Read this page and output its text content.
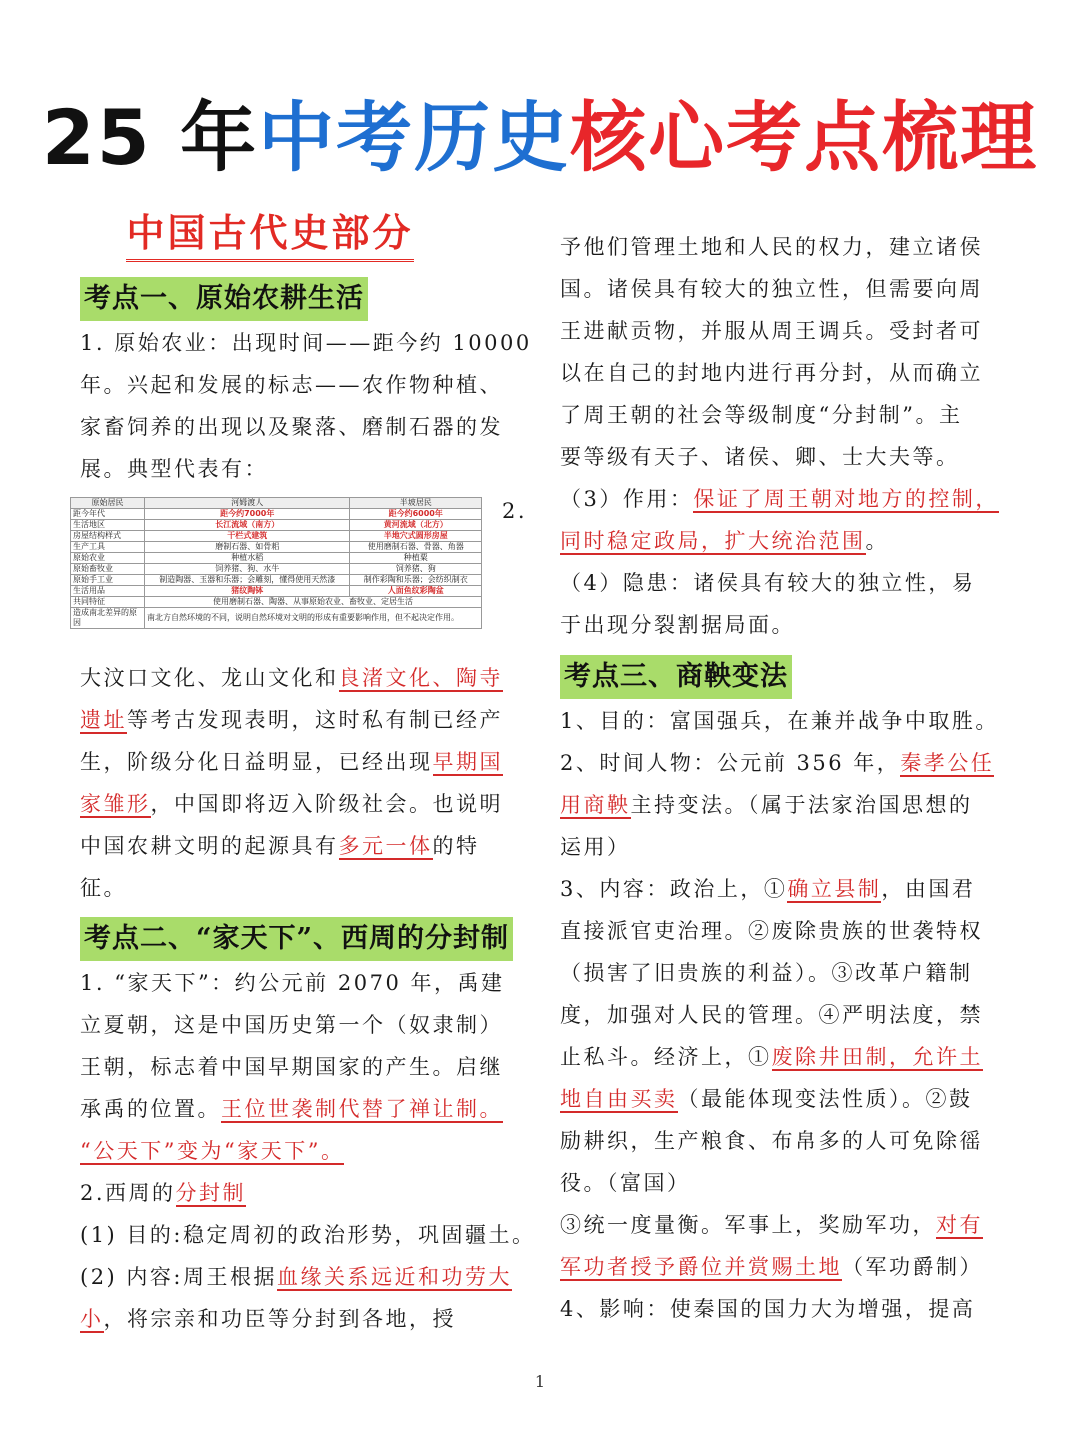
25 年中考历史核心考点梳理
中国古代史部分
考点一、原始农耕生活
1. 原始农业：出现时间——距今约 10000
年。兴起和发展的标志——农作物种植、
家畜饲养的出现以及聚落、磨制石器的发
展。典型代表有：
2.
大汶口文化、龙山文化和良渚文化、陶寺
遗址等考古发现表明，这时私有制已经产
生，阶级分化日益明显，已经出现早期国
家雏形，中国即将迈入阶级社会。也说明
中国农耕文明的起源具有多元一体的特
征。
考点二、“家天下”、西周的分封制
1. “家天下”：约公元前 2070 年，禹建
立夏朝，这是中国历史第一个（奴隶制）
王朝，标志着中国早期国家的产生。启继
承禹的位置。王位世袭制代替了禅让制。
“公天下”变为“家天下”。
2.西周的分封制
(1) 目的:稳定周初的政治形势，巩固疆土。
(2) 内容:周王根据血缘关系远近和功劳大
小，将宗亲和功臣等分封到各地，授
原始居民	河姆渡人	半坡居民
距今年代	距今约7000年	距今约6000年
生活地区	长江流域（南方）	黄河流域（北方）
房屋结构样式	干栏式建筑	半地穴式圆形房屋
生产工具	磨制石器、如骨耜	使用磨制石器、骨器、角器
原始农业	种植水稻	种植粟
原始畜牧业	饲养猪、狗、水牛	饲养猪、狗
原始手工业	制造陶器、玉器和乐器；会雕刻，懂得使用天然漆	制作彩陶和乐器；会纺织制衣
生活用品	猪纹陶钵	人面鱼纹彩陶盆
共同特征	使用磨制石器、陶器、从事原始农业、畜牧业、定居生活	
造成南北差异的原因	南北方自然环境的不同，说明自然环境对文明的形成有重要影响作用，但不起决定作用。	
予他们管理土地和人民的权力，建立诸侯
国。诸侯具有较大的独立性，但需要向周
王进献贡物，并服从周王调兵。受封者可
以在自己的封地内进行再分封，从而确立
了周王朝的社会等级制度“分封制”。主
要等级有天子、诸侯、卿、士大夫等。
（3）作用：保证了周王朝对地方的控制，
同时稳定政局，扩大统治范围。
（4）隐患：诸侯具有较大的独立性，易
于出现分裂割据局面。
考点三、商鞅变法
1、目的：富国强兵，在兼并战争中取胜。
2、时间人物：公元前 356 年，秦孝公任
用商鞅主持变法。（属于法家治国思想的
运用）
3、内容：政治上，①确立县制，由国君
直接派官吏治理。②废除贵族的世袭特权
（损害了旧贵族的利益）。③改革户籍制
度，加强对人民的管理。④严明法度，禁
止私斗。经济上，①废除井田制，允许土
地自由买卖（最能体现变法性质）。②鼓
励耕织，生产粮食、布帛多的人可免除徭
役。（富国）
③统一度量衡。军事上，奖励军功，对有
军功者授予爵位并赏赐土地（军功爵制）
4、影响：使秦国的国力大为增强，提高
1
